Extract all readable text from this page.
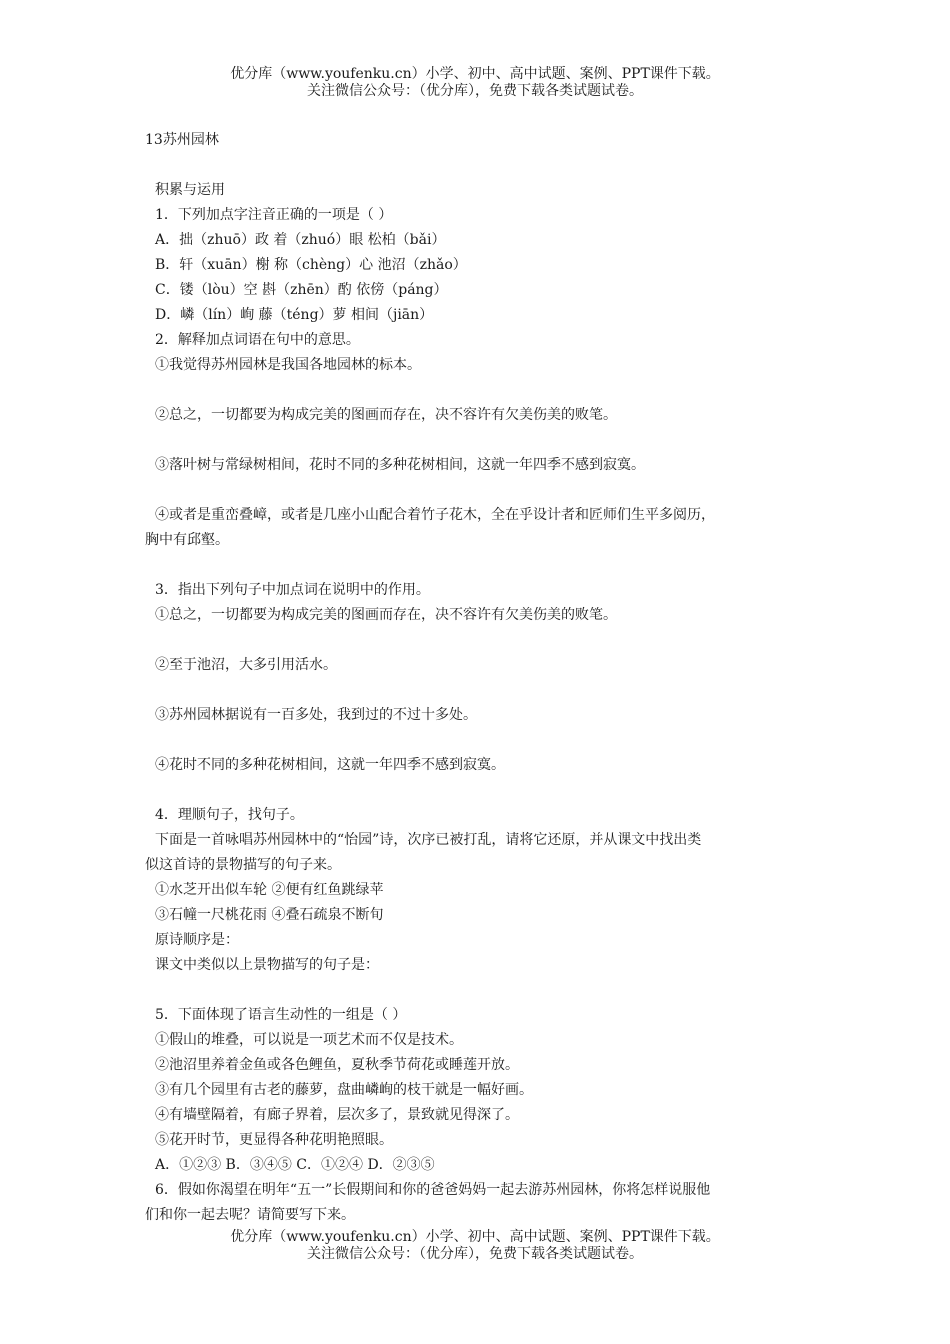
优分库（www.youfenku.cn）小学、初中、高中试题、案例、PPT课件下载。
关注微信公众号：（优分库），免费下载各类试题试卷。
13苏州园林
积累与运用
1．下列加点字注音正确的一项是（ ）
A．拙（zhuō）政 着（zhuó）眼 松柏（bǎi）
B．轩（xuān）榭 称（chèng）心 池沼（zhǎo）
C．镂（lòu）空 斟（zhēn）酌 依傍（páng）
D．嶙（lín）峋 藤（téng）萝 相间（jiān）
2．解释加点词语在句中的意思。
①我觉得苏州园林是我国各地园林的标本。
②总之，一切都要为构成完美的图画而存在，决不容许有欠美伤美的败笔。
③落叶树与常绿树相间，花时不同的多种花树相间，这就一年四季不感到寂寞。
④或者是重峦叠嶂，或者是几座小山配合着竹子花木，全在乎设计者和匠师们生平多阅历，
胸中有邱壑。
3．指出下列句子中加点词在说明中的作用。
①总之，一切都要为构成完美的图画而存在，决不容许有欠美伤美的败笔。
②至于池沼，大多引用活水。
③苏州园林据说有一百多处，我到过的不过十多处。
④花时不同的多种花树相间，这就一年四季不感到寂寞。
4．理顺句子，找句子。
下面是一首咏唱苏州园林中的“怡园”诗，次序已被打乱，请将它还原，并从课文中找出类
似这首诗的景物描写的句子来。
①水芝开出似车轮 ②便有红鱼跳绿苹
③石幢一尺桃花雨 ④叠石疏泉不断旬
原诗顺序是：
课文中类似以上景物描写的句子是：
5．下面体现了语言生动性的一组是（ ）
①假山的堆叠，可以说是一项艺术而不仅是技术。
②池沼里养着金鱼或各色鲤鱼，夏秋季节荷花或睡莲开放。
③有几个园里有古老的藤萝，盘曲嶙峋的枝干就是一幅好画。
④有墙壁隔着，有廊子界着，层次多了，景致就见得深了。
⑤花开时节，更显得各种花明艳照眼。
A．①②③ B．③④⑤ C．①②④ D．②③⑤
6．假如你渴望在明年“五一”长假期间和你的爸爸妈妈一起去游苏州园林，你将怎样说服他
们和你一起去呢？请简要写下来。
优分库（www.youfenku.cn）小学、初中、高中试题、案例、PPT课件下载。
关注微信公众号：（优分库），免费下载各类试题试卷。
